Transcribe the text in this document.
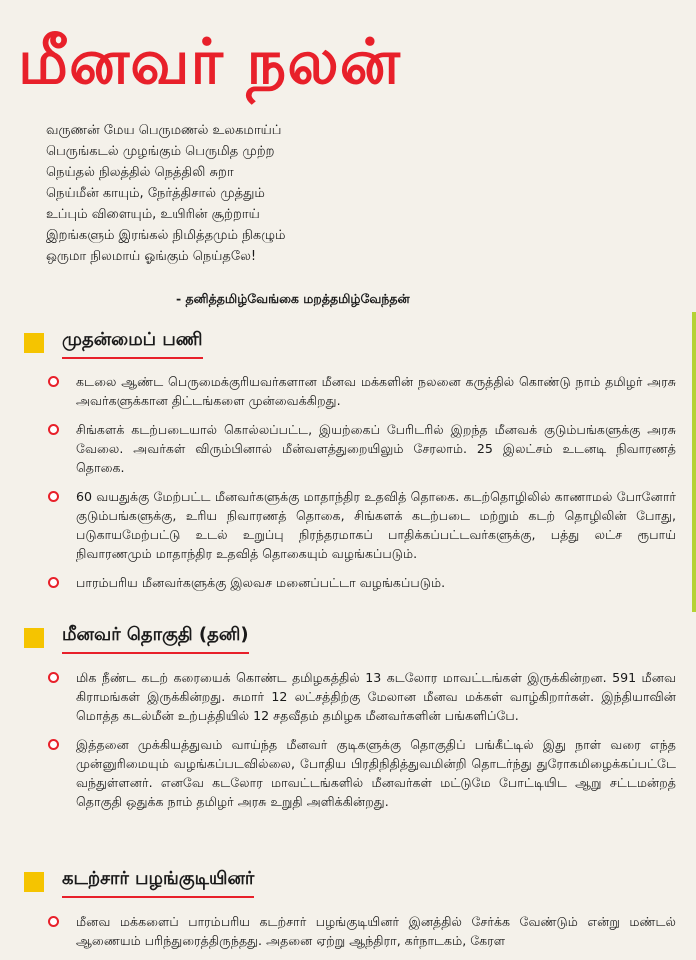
மீனவர் நலன்
வருணன் மேய பெருமணல் உலகமாய்ப்
பெருங்கடல் முழங்கும் பெருமித முற்ற
நெய்தல் நிலத்தில் நெத்திலி சுறா
நெய்மீன் காயும், நேர்த்திசால் முத்தும்
உப்பும் விளையும், உயிரின் சூற்றாய்
இறங்களும் இரங்கல் நிமித்தமும் நிகழும்
ஒருமா நிலமாய் ஓங்கும் நெய்தலே!
- தனித்தமிழ்வேங்கை மறத்தமிழ்வேந்தன்
முதன்மைப் பணி
கடலை ஆண்ட பெருமைக்குரியவர்களான மீனவ மக்களின் நலனை கருத்தில் கொண்டு நாம் தமிழர் அரசு அவர்களுக்கான திட்டங்களை முன்வைக்கிறது.
சிங்களக் கடற்படையால் கொல்லப்பட்ட, இயற்கைப் பேரிடரில் இறந்த மீனவக் குடும்பங்களுக்கு அரசு வேலை. அவர்கள் விரும்பினால் மீன்வளத்துறையிலும் சேரலாம். 25 இலட்சம் உடனடி நிவாரணத் தொகை.
60 வயதுக்கு மேற்பட்ட மீனவர்களுக்கு மாதாந்திர உதவித் தொகை. கடற்தொழிலில் காணாமல் போனோர் குடும்பங்களுக்கு, உரிய நிவாரணத் தொகை, சிங்களக் கடற்படை மற்றும் கடற் தொழிலின் போது, படுகாயமேற்பட்டு உடல் உறுப்பு நிரந்தரமாகப் பாதிக்கப்பட்டவர்களுக்கு, பத்து லட்ச ரூபாய் நிவாரணமும் மாதாந்திர உதவித் தொகையும் வழங்கப்படும்.
பாரம்பரிய மீனவர்களுக்கு இலவச மனைப்பட்டா வழங்கப்படும்.
மீனவர் தொகுதி (தனி)
மிக நீண்ட கடற் கரையைக் கொண்ட தமிழகத்தில் 13 கடலோர மாவட்டங்கள் இருக்கின்றன. 591 மீனவ கிராமங்கள் இருக்கின்றது. சுமார் 12 லட்சத்திற்கு மேலான மீனவ மக்கள் வாழ்கிறார்கள். இந்தியாவின் மொத்த கடல்மீன் உற்பத்தியில் 12 சதவீதம் தமிழக மீனவர்களின் பங்களிப்பே.
இத்தனை முக்கியத்துவம் வாய்ந்த மீனவர் குடிகளுக்கு தொகுதிப் பங்கீட்டில் இது நாள் வரை எந்த முன்னுரிமையும் வழங்கப்படவில்லை, போதிய பிரதிநிதித்துவமின்றி தொடர்ந்து துரோகமிழைக்கப்பட்டே வந்துள்ளனர். எனவே கடலோர மாவட்டங்களில் மீனவர்கள் மட்டுமே போட்டியிட ஆறு சட்டமன்றத் தொகுதி ஒதுக்க நாம் தமிழர் அரசு உறுதி அளிக்கின்றது.
கடற்சார் பழங்குடியினர்
மீனவ மக்களைப் பாரம்பரிய கடற்சார் பழங்குடியினர் இனத்தில் சேர்க்க வேண்டும் என்று மண்டல் ஆணையம் பரிந்துரைத்திருந்தது. அதனை ஏற்று ஆந்திரா, கர்நாடகம், கேரள
